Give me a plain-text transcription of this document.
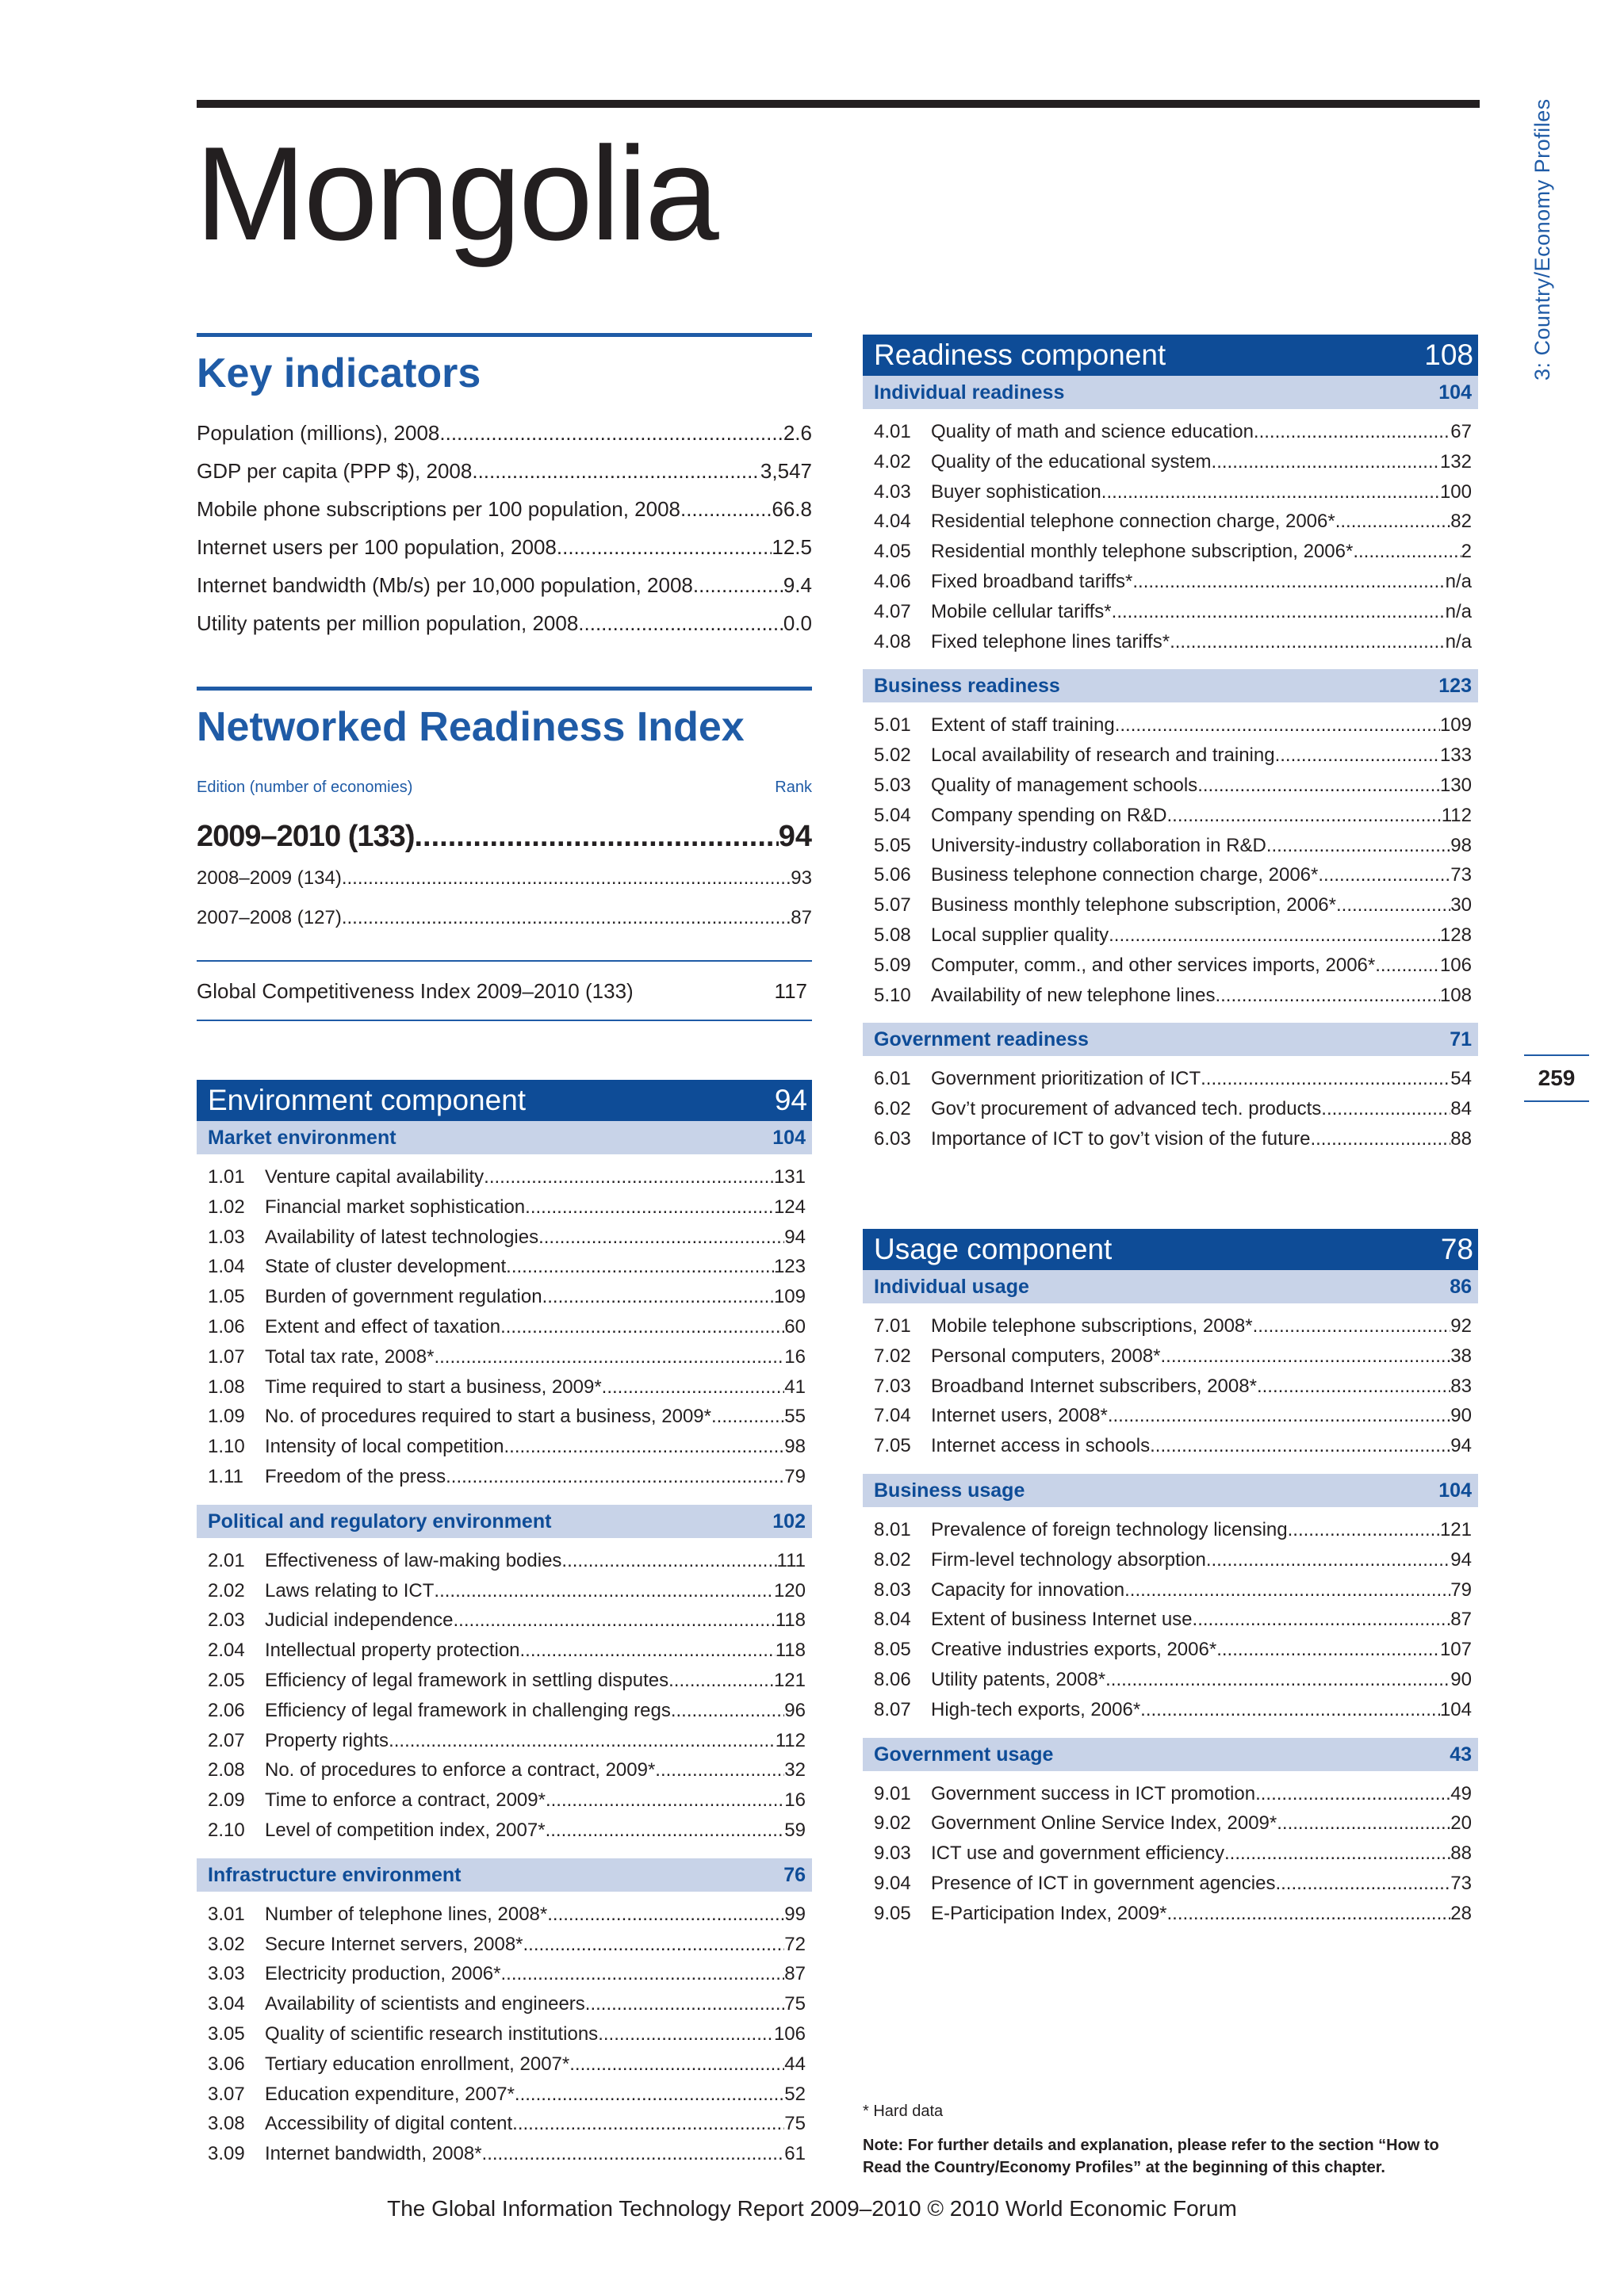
Mongolia	3: Country/Economy Profiles
259
Key indicators
Population (millions), 2008 .....	2.6
GDP per capita (PPP $), 2008 .....	3,547
Mobile phone subscriptions per 100 population, 2008 .....	66.8
Internet users per 100 population, 2008 .....	12.5
Internet bandwidth (Mb/s) per 10,000 population, 2008 .....	9.4
Utility patents per million population, 2008 .....	0.0
Networked Readiness Index
Edition (number of economies)	Rank
2009–2010 (133) .....	94
2008–2009 (134) .....	93
2007–2008 (127) .....	87
Global Competitiveness Index 2009–2010 (133)	117
Environment component	94
Market environment	104
1.01	Venture capital availability .....	131
1.02	Financial market sophistication .....	124
1.03	Availability of latest technologies .....	94
1.04	State of cluster development .....	123
1.05	Burden of government regulation .....	109
1.06	Extent and effect of taxation .....	60
1.07	Total tax rate, 2008* .....	16
1.08	Time required to start a business, 2009* .....	41
1.09	No. of procedures required to start a business, 2009* .....	55
1.10	Intensity of local competition .....	98
1.11	Freedom of the press .....	79
Political and regulatory environment	102
2.01	Effectiveness of law-making bodies .....	111
2.02	Laws relating to ICT .....	120
2.03	Judicial independence .....	118
2.04	Intellectual property protection .....	118
2.05	Efficiency of legal framework in settling disputes .....	121
2.06	Efficiency of legal framework in challenging regs .....	96
2.07	Property rights .....	112
2.08	No. of procedures to enforce a contract, 2009* .....	32
2.09	Time to enforce a contract, 2009* .....	16
2.10	Level of competition index, 2007* .....	59
Infrastructure environment	76
3.01	Number of telephone lines, 2008* .....	99
3.02	Secure Internet servers, 2008* .....	72
3.03	Electricity production, 2006* .....	87
3.04	Availability of scientists and engineers .....	75
3.05	Quality of scientific research institutions .....	106
3.06	Tertiary education enrollment, 2007* .....	44
3.07	Education expenditure, 2007* .....	52
3.08	Accessibility of digital content .....	75
3.09	Internet bandwidth, 2008* .....	61
Readiness component	108
Individual readiness	104
4.01	Quality of math and science education .....	67
4.02	Quality of the educational system .....	132
4.03	Buyer sophistication .....	100
4.04	Residential telephone connection charge, 2006* .....	82
4.05	Residential monthly telephone subscription, 2006* .....	2
4.06	Fixed broadband tariffs* .....	n/a
4.07	Mobile cellular tariffs* .....	n/a
4.08	Fixed telephone lines tariffs* .....	n/a
Business readiness	123
5.01	Extent of staff training .....	109
5.02	Local availability of research and training .....	133
5.03	Quality of management schools .....	130
5.04	Company spending on R&D .....	112
5.05	University-industry collaboration in R&D .....	98
5.06	Business telephone connection charge, 2006* .....	73
5.07	Business monthly telephone subscription, 2006* .....	30
5.08	Local supplier quality .....	128
5.09	Computer, comm., and other services imports, 2006* .....	106
5.10	Availability of new telephone lines .....	108
Government readiness	71
6.01	Government prioritization of ICT .....	54
6.02	Gov’t procurement of advanced tech. products .....	84
6.03	Importance of ICT to gov’t vision of the future .....	88
Usage component	78
Individual usage	86
7.01	Mobile telephone subscriptions, 2008* .....	92
7.02	Personal computers, 2008* .....	38
7.03	Broadband Internet subscribers, 2008* .....	83
7.04	Internet users, 2008* .....	90
7.05	Internet access in schools .....	94
Business usage	104
8.01	Prevalence of foreign technology licensing .....	121
8.02	Firm-level technology absorption .....	94
8.03	Capacity for innovation .....	79
8.04	Extent of business Internet use .....	87
8.05	Creative industries exports, 2006* .....	107
8.06	Utility patents, 2008* .....	90
8.07	High-tech exports, 2006* .....	104
Government usage	43
9.01	Government success in ICT promotion .....	49
9.02	Government Online Service Index, 2009* .....	20
9.03	ICT use and government efficiency .....	88
9.04	Presence of ICT in government agencies .....	73
9.05	E-Participation Index, 2009* .....	28
* Hard data
Note: For further details and explanation, please refer to the section “How to Read the Country/Economy Profiles” at the beginning of this chapter.
The Global Information Technology Report 2009–2010 © 2010 World Economic Forum
